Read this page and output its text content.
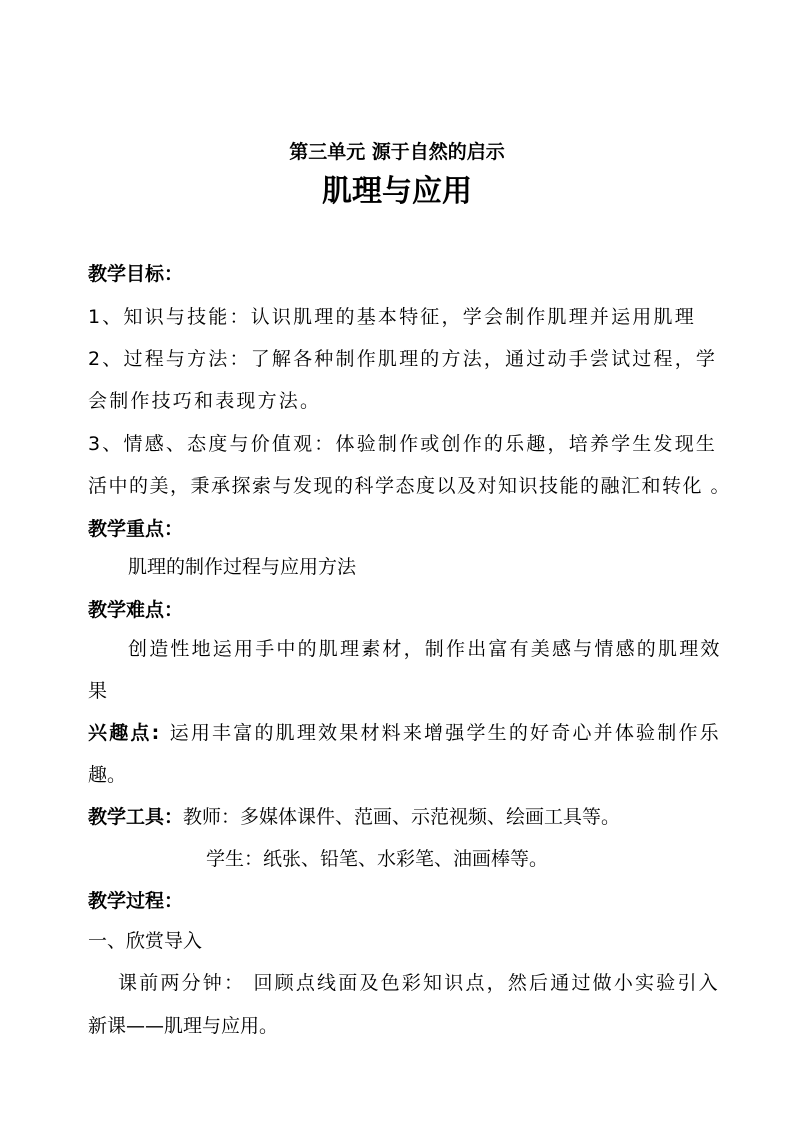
第三单元 源于自然的启示
肌理与应用
教学目标：
1、知识与技能：认识肌理的基本特征，学会制作肌理并运用肌理
2、过程与方法：了解各种制作肌理的方法，通过动手尝试过程，学
会制作技巧和表现方法。
3、情感、态度与价值观：体验制作或创作的乐趣，培养学生发现生
活中的美，秉承探索与发现的科学态度以及对知识技能的融汇和转化 。
教学重点：
肌理的制作过程与应用方法
教学难点：
创造性地运用手中的肌理素材，制作出富有美感与情感的肌理效
果
兴趣点: 运用丰富的肌理效果材料来增强学生的好奇心并体验制作乐
趣。
教学工具：教师：多媒体课件、范画、示范视频、绘画工具等。
学生：纸张、铅笔、水彩笔、油画棒等。
教学过程：
一、欣赏导入
课前两分钟： 回顾点线面及色彩知识点，然后通过做小实验引入
新课——肌理与应用。
